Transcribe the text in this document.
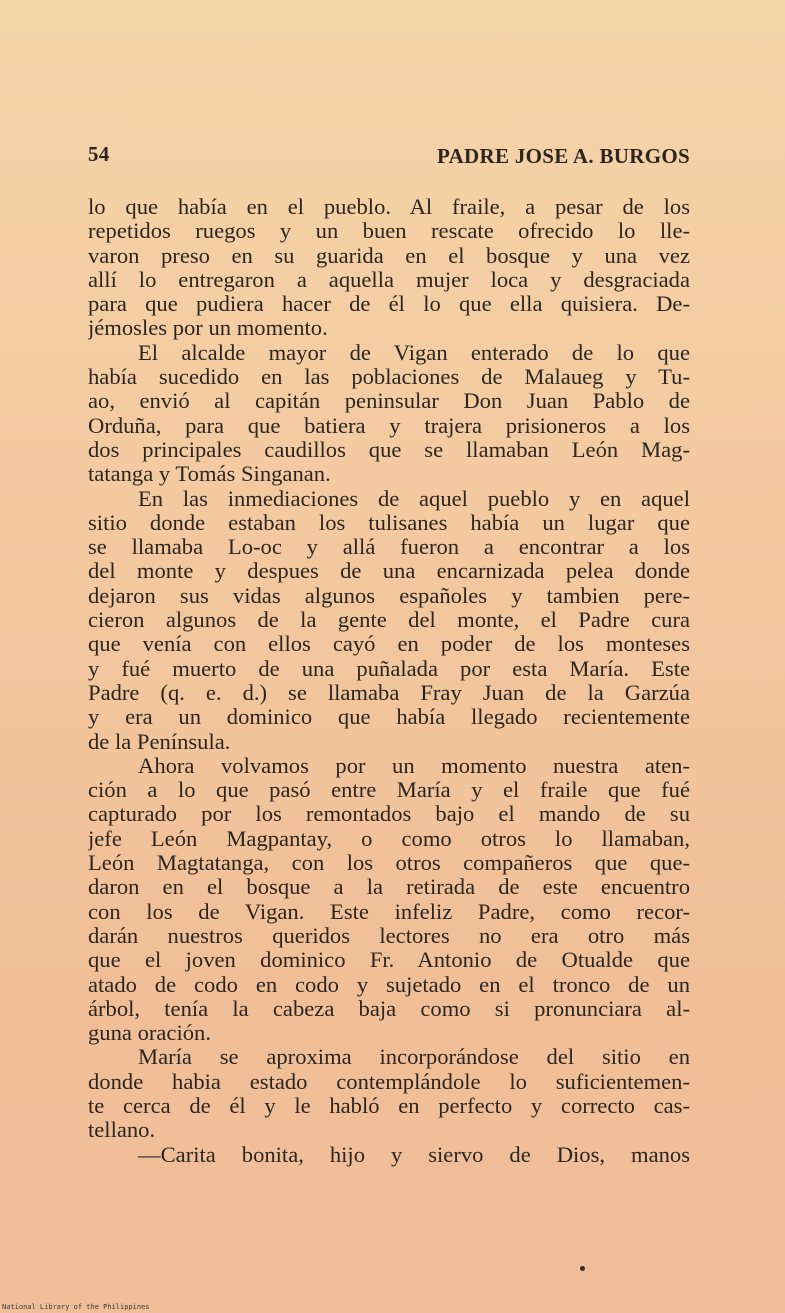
54	PADRE JOSE A. BURGOS
lo que había en el pueblo. Al fraile, a pesar de los
repetidos ruegos y un buen rescate ofrecido lo lle-
varon preso en su guarida en el bosque y una vez
allí lo entregaron a aquella mujer loca y desgraciada
para que pudiera hacer de él lo que ella quisiera. De-
jémosles por un momento.
El alcalde mayor de Vigan enterado de lo que
había sucedido en las poblaciones de Malaueg y Tu-
ao, envió al capitán peninsular Don Juan Pablo de
Orduña, para que batiera y trajera prisioneros a los
dos principales caudillos que se llamaban León Mag-
tatanga y Tomás Singanan.
En las inmediaciones de aquel pueblo y en aquel
sitio donde estaban los tulisanes había un lugar que
se llamaba Lo-oc y allá fueron a encontrar a los
del monte y despues de una encarnizada pelea donde
dejaron sus vidas algunos españoles y tambien pere-
cieron algunos de la gente del monte, el Padre cura
que venía con ellos cayó en poder de los monteses
y fué muerto de una puñalada por esta María. Este
Padre (q. e. d.) se llamaba Fray Juan de la Garzúa
y era un dominico que había llegado recientemente
de la Península.
Ahora volvamos por un momento nuestra aten-
ción a lo que pasó entre María y el fraile que fué
capturado por los remontados bajo el mando de su
jefe León Magpantay, o como otros lo llamaban,
León Magtatanga, con los otros compañeros que que-
daron en el bosque a la retirada de este encuentro
con los de Vigan. Este infeliz Padre, como recor-
darán nuestros queridos lectores no era otro más
que el joven dominico Fr. Antonio de Otualde que
atado de codo en codo y sujetado en el tronco de un
árbol, tenía la cabeza baja como si pronunciara al-
guna oración.
María se aproxima incorporándose del sitio en
donde habia estado contemplándole lo suficientemen-
te cerca de él y le habló en perfecto y correcto cas-
tellano.
—Carita bonita, hijo y siervo de Dios, manos
National Library of the Philippines
